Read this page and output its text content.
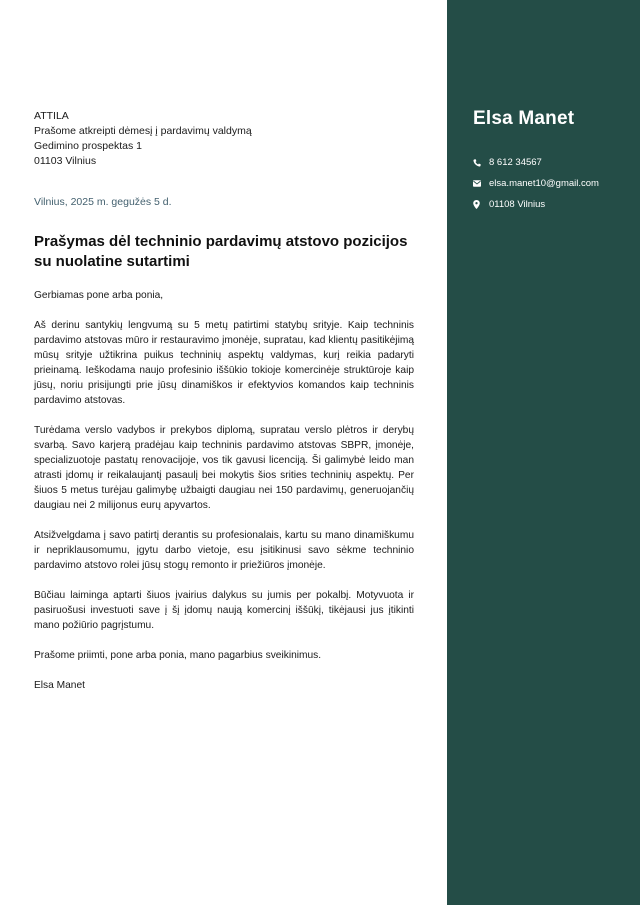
ATTILA
Prašome atkreipti dėmesį į pardavimų valdymą
Gedimino prospektas 1
01103 Vilnius
Vilnius, 2025 m. gegužės 5 d.
Prašymas dėl techninio pardavimų atstovo pozicijos su nuolatine sutartimi

Gerbiamas pone arba ponia,

Aš derinu santykių lengvumą su 5 metų patirtimi statybų srityje. Kaip techninis pardavimo atstovas mūro ir restauravimo įmonėje, supratau, kad klientų pasitikėjimą mūsų srityje užtikrina puikus techninių aspektų valdymas, kurį reikia padaryti prieinamą. Ieškodama naujo profesinio iššūkio tokioje komercinėje struktūroje kaip jūsų, noriu prisijungti prie jūsų dinamiškos ir efektyvios komandos kaip techninis pardavimo atstovas.

Turėdama verslo vadybos ir prekybos diplomą, supratau verslo plėtros ir derybų svarbą. Savo karjerą pradėjau kaip techninis pardavimo atstovas SBPR, įmonėje, specializuotoje pastatų renovacijoje, vos tik gavusi licenciją. Ši galimybė leido man atrasti įdomų ir reikalaujantį pasaulį bei mokytis šios srities techninių aspektų. Per šiuos 5 metus turėjau galimybę užbaigti daugiau nei 150 pardavimų, generuojančių daugiau nei 2 milijonus eurų apyvartos.

Atsižvelgdama į savo patirtį derantis su profesionalais, kartu su mano dinamiškumu ir nepriklausomumu, įgytu darbo vietoje, esu įsitikinusi savo sėkme techninio pardavimo atstovo rolei jūsų stogų remonto ir priežiūros įmonėje.

Būčiau laiminga aptarti šiuos įvairius dalykus su jumis per pokalbį. Motyvuota ir pasiruošusi investuoti save į šį įdomų naują komercinį iššūkį, tikėjausi jus įtikinti mano požiūrio pagrįstumu.

Prašome priimti, pone arba ponia, mano pagarbius sveikinimus.

Elsa Manet

Elsa Manet
8 612 34567
elsa.manet10@gmail.com
01108 Vilnius
